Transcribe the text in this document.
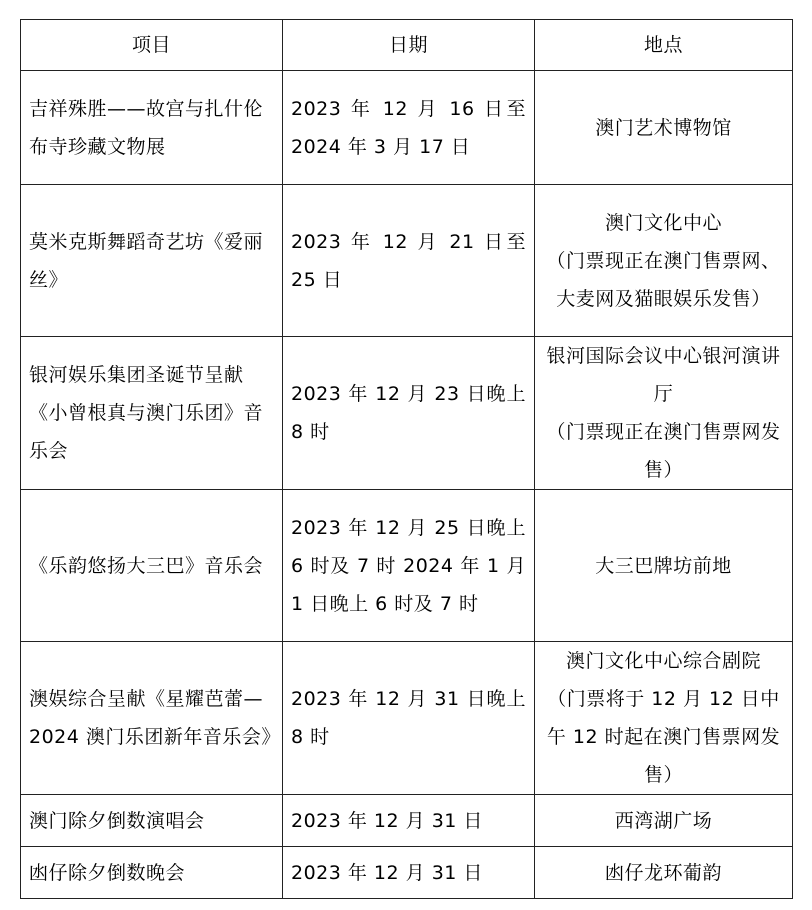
项目	日期	地点
吉祥殊胜——故宫与扎什伦布寺珍藏文物展	2023 年 12 月 16 日至 2024 年 3 月 17 日	澳门艺术博物馆

莫米克斯舞蹈奇艺坊《爱丽丝》	2023 年 12 月 21 日至 25 日	澳门文化中心
（门票现正在澳门售票网、大麦网及猫眼娱乐发售）

银河娱乐集团圣诞节呈献《小曾根真与澳门乐团》音乐会	2023 年 12 月 23 日晚上 8 时	银河国际会议中心银河演讲厅
（门票现正在澳门售票网发售）

《乐韵悠扬大三巴》音乐会	2023 年 12 月 25 日晚上 6 时及 7 时 2024 年 1 月 1 日晚上 6 时及 7 时	大三巴牌坊前地

澳娱综合呈献《星耀芭蕾—2024 澳门乐团新年音乐会》	2023 年 12 月 31 日晚上 8 时	澳门文化中心综合剧院
（门票将于 12 月 12 日中午 12 时起在澳门售票网发售）

澳门除夕倒数演唱会	2023 年 12 月 31 日	西湾湖广场

凼仔除夕倒数晚会	2023 年 12 月 31 日	凼仔龙环葡韵
